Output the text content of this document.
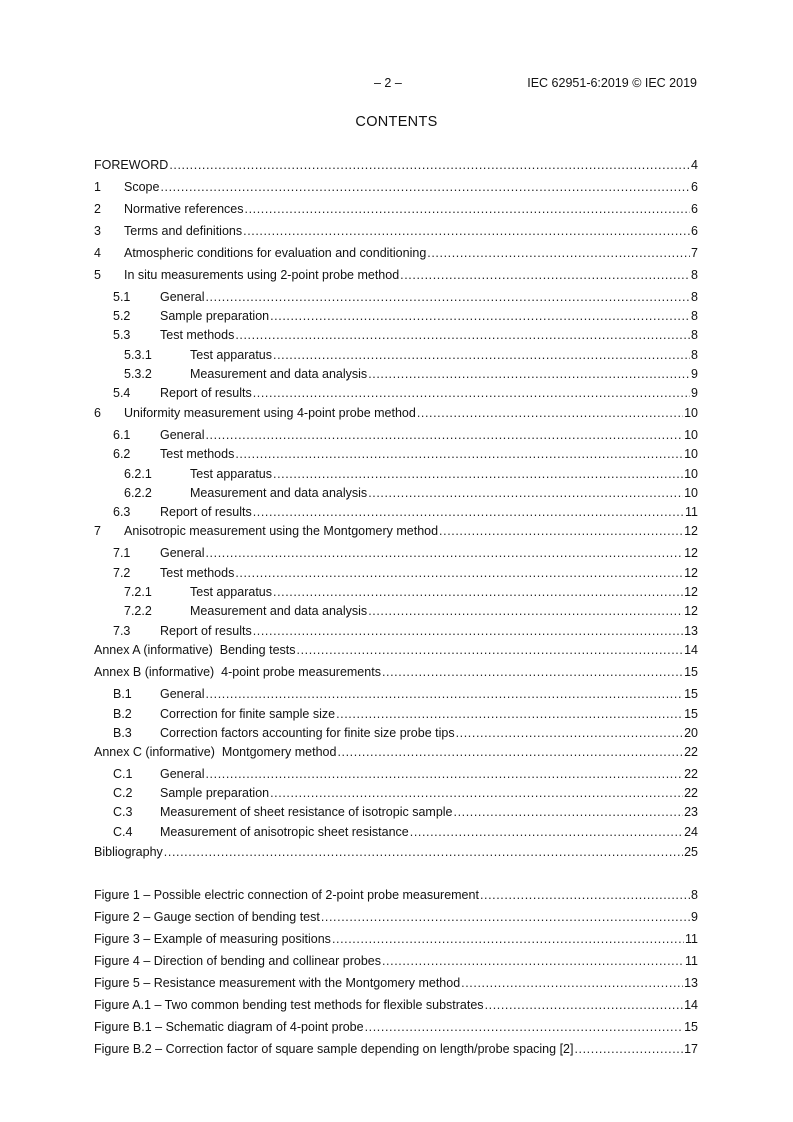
– 2 –	IEC 62951-6:2019 © IEC 2019
CONTENTS
FOREWORD .....	4
1 Scope .....	6
2 Normative references .....	6
3 Terms and definitions .....	6
4 Atmospheric conditions for evaluation and conditioning .....	7
5 In situ measurements using 2-point probe method .....	8
5.1 General .....	8
5.2 Sample preparation .....	8
5.3 Test methods .....	8
5.3.1	Test apparatus .....	8
5.3.2	Measurement and data analysis .....	9
5.4 Report of results .....	9
6 Uniformity measurement using 4-point probe method .....	10
6.1 General .....	10
6.2 Test methods .....	10
6.2.1	Test apparatus .....	10
6.2.2	Measurement and data analysis .....	10
6.3 Report of results .....	11
7 Anisotropic measurement using the Montgomery method .....	12
7.1 General .....	12
7.2 Test methods .....	12
7.2.1	Test apparatus .....	12
7.2.2	Measurement and data analysis .....	12
7.3 Report of results .....	13
Annex A (informative)  Bending tests .....	14
Annex B (informative)  4-point probe measurements .....	15
B.1 General .....	15
B.2 Correction for finite sample size .....	15
B.3 Correction factors accounting for finite size probe tips .....	20
Annex C (informative)  Montgomery method .....	22
C.1 General .....	22
C.2 Sample preparation .....	22
C.3 Measurement of sheet resistance of isotropic sample .....	23
C.4 Measurement of anisotropic sheet resistance .....	24
Bibliography .....	25
Figure 1 – Possible electric connection of 2-point probe measurement .....	8
Figure 2 – Gauge section of bending test .....	9
Figure 3 – Example of measuring positions .....	11
Figure 4 – Direction of bending and collinear probes .....	11
Figure 5 – Resistance measurement with the Montgomery method .....	13
Figure A.1 – Two common bending test methods for flexible substrates .....	14
Figure B.1 – Schematic diagram of 4-point probe .....	15
Figure B.2 – Correction factor of square sample depending on length/probe spacing [2] .....	17
